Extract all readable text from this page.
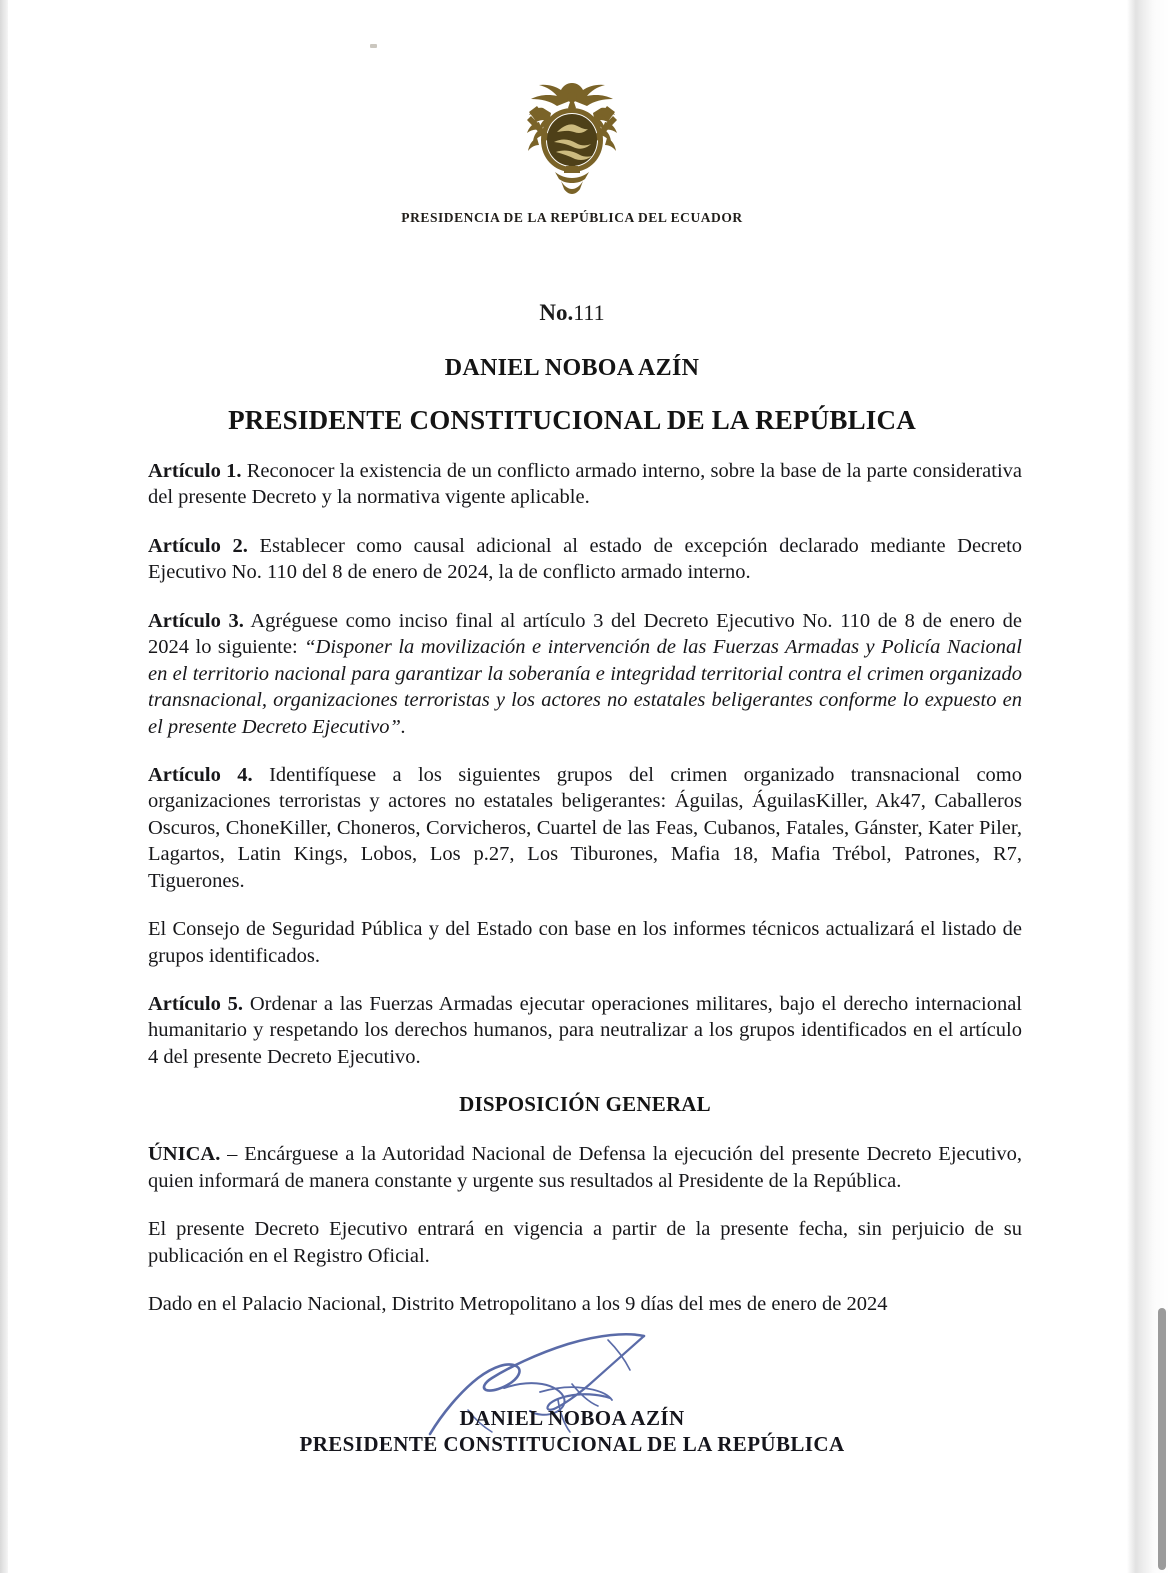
PRESIDENCIA DE LA REPÚBLICA DEL ECUADOR
No.111
DANIEL NOBOA AZÍN
PRESIDENTE CONSTITUCIONAL DE LA REPÚBLICA

Artículo 1. Reconocer la existencia de un conflicto armado interno, sobre la base de la parte considerativa del presente Decreto y la normativa vigente aplicable.

Artículo 2. Establecer como causal adicional al estado de excepción declarado mediante Decreto Ejecutivo No. 110 del 8 de enero de 2024, la de conflicto armado interno.

Artículo 3. Agréguese como inciso final al artículo 3 del Decreto Ejecutivo No. 110 de 8 de enero de 2024 lo siguiente: “Disponer la movilización e intervención de las Fuerzas Armadas y Policía Nacional en el territorio nacional para garantizar la soberanía e integridad territorial contra el crimen organizado transnacional, organizaciones terroristas y los actores no estatales beligerantes conforme lo expuesto en el presente Decreto Ejecutivo”.

Artículo 4. Identifíquese a los siguientes grupos del crimen organizado transnacional como organizaciones terroristas y actores no estatales beligerantes: Águilas, ÁguilasKiller, Ak47, Caballeros Oscuros, ChoneKiller, Choneros, Corvicheros, Cuartel de las Feas, Cubanos, Fatales, Gánster, Kater Piler, Lagartos, Latin Kings, Lobos, Los p.27, Los Tiburones, Mafia 18, Mafia Trébol, Patrones, R7, Tiguerones.

El Consejo de Seguridad Pública y del Estado con base en los informes técnicos actualizará el listado de grupos identificados.

Artículo 5. Ordenar a las Fuerzas Armadas ejecutar operaciones militares, bajo el derecho internacional humanitario y respetando los derechos humanos, para neutralizar a los grupos identificados en el artículo 4 del presente Decreto Ejecutivo.

DISPOSICIÓN GENERAL

ÚNICA. – Encárguese a la Autoridad Nacional de Defensa la ejecución del presente Decreto Ejecutivo, quien informará de manera constante y urgente sus resultados al Presidente de la República.

El presente Decreto Ejecutivo entrará en vigencia a partir de la presente fecha, sin perjuicio de su publicación en el Registro Oficial.

Dado en el Palacio Nacional, Distrito Metropolitano a los 9 días del mes de enero de 2024

DANIEL NOBOA AZÍN
PRESIDENTE CONSTITUCIONAL DE LA REPÚBLICA
